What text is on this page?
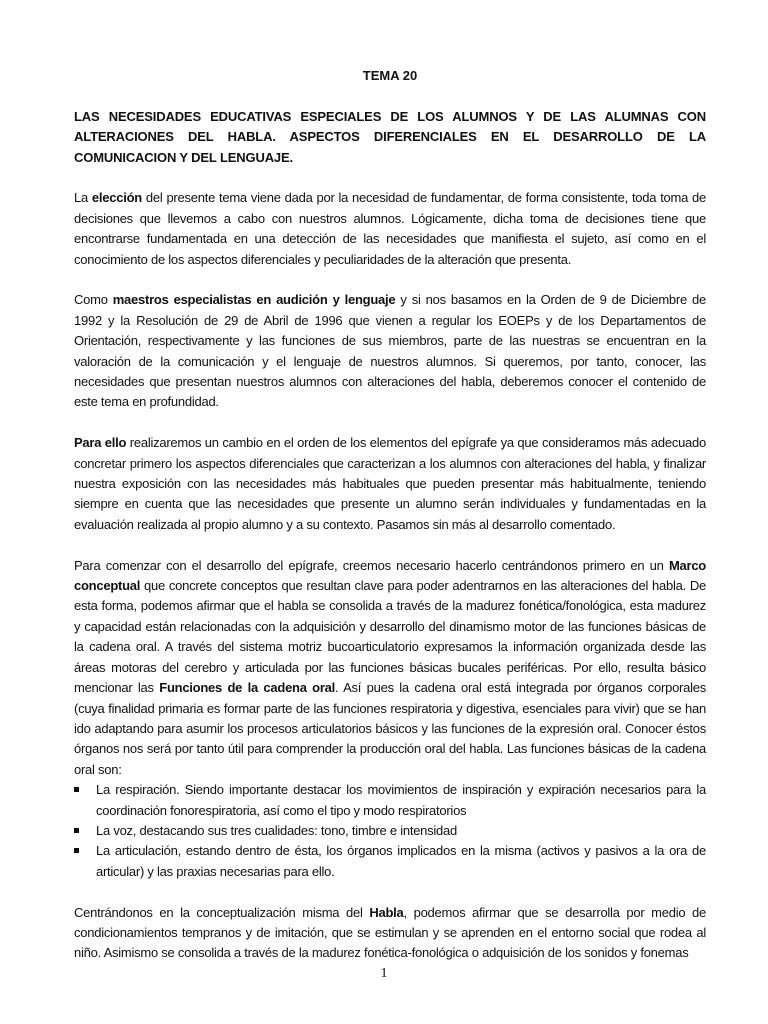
TEMA 20

LAS NECESIDADES EDUCATIVAS ESPECIALES DE LOS ALUMNOS Y DE LAS ALUMNAS CON ALTERACIONES DEL HABLA. ASPECTOS DIFERENCIALES EN EL DESARROLLO DE LA COMUNICACION Y DEL LENGUAJE.

La elección del presente tema viene dada por la necesidad de fundamentar, de forma consistente, toda toma de decisiones que llevemos a cabo con nuestros alumnos. Lógicamente, dicha toma de decisiones tiene que encontrarse fundamentada en una detección de las necesidades que manifiesta el sujeto, así como en el conocimiento de los aspectos diferenciales y peculiaridades de la alteración que presenta.

Como maestros especialistas en audición y lenguaje y si nos basamos en la Orden de 9 de Diciembre de 1992 y la Resolución de 29 de Abril de 1996 que vienen a regular los EOEPs y de los Departamentos de Orientación, respectivamente y las funciones de sus miembros, parte de las nuestras se encuentran en la valoración de la comunicación y el lenguaje de nuestros alumnos. Si queremos, por tanto, conocer, las necesidades que presentan nuestros alumnos con alteraciones del habla, deberemos conocer el contenido de este tema en profundidad.

Para ello realizaremos un cambio en el orden de los elementos del epígrafe ya que consideramos más adecuado concretar primero los aspectos diferenciales que caracterizan a los alumnos con alteraciones del habla, y finalizar nuestra exposición con las necesidades más habituales que pueden presentar más habitualmente, teniendo siempre en cuenta que las necesidades que presente un alumno serán individuales y fundamentadas en la evaluación realizada al propio alumno y a su contexto. Pasamos sin más al desarrollo comentado.

Para comenzar con el desarrollo del epígrafe, creemos necesario hacerlo centrándonos primero en un Marco conceptual que concrete conceptos que resultan clave para poder adentrarnos en las alteraciones del habla. De esta forma, podemos afirmar que el habla se consolida a través de la madurez fonética/fonológica, esta madurez y capacidad están relacionadas con la adquisición y desarrollo del dinamismo motor de las funciones básicas de la cadena oral. A través del sistema motriz bucoarticulatorio expresamos la información organizada desde las áreas motoras del cerebro y articulada por las funciones básicas bucales periféricas. Por ello, resulta básico mencionar las Funciones de la cadena oral. Así pues la cadena oral está integrada por órganos corporales (cuya finalidad primaria es formar parte de las funciones respiratoria y digestiva, esenciales para vivir) que se han ido adaptando para asumir los procesos articulatorios básicos y las funciones de la expresión oral. Conocer éstos órganos nos será por tanto útil para comprender la producción oral del habla. Las funciones básicas de la cadena oral son:

La respiración. Siendo importante destacar los movimientos de inspiración y expiración necesarios para la coordinación fonorespiratoria, así como el tipo y modo respiratorios
La voz, destacando sus tres cualidades: tono, timbre e intensidad
La articulación, estando dentro de ésta, los órganos implicados en la misma (activos y pasivos a la ora de articular) y las praxias necesarias para ello.

Centrándonos en la conceptualización misma del Habla, podemos afirmar que se desarrolla por medio de condicionamientos tempranos y de imitación, que se estimulan y se aprenden en el entorno social que rodea al niño. Asimismo se consolida a través de la madurez fonética-fonológica o adquisición de los sonidos y fonemas

1
